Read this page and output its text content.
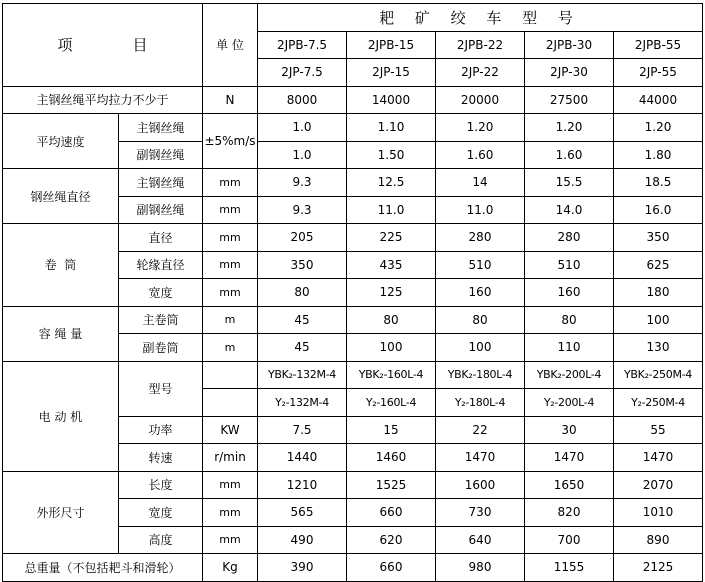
项 目		单 位	耙 矿 绞 车 型 号				
			2JPB-7.5	2JPB-15	2JPB-22	2JPB-30	2JPB-55
			2JP-7.5	2JP-15	2JP-22	2JP-30	2JP-55
主钢丝绳平均拉力不少于		N	8000	14000	20000	27500	44000
平均速度	主钢丝绳	±5%m/s	1.0	1.10	1.20	1.20	1.20
	副钢丝绳		1.0	1.50	1.60	1.60	1.80
钢丝绳直径	主钢丝绳	mm	9.3	12.5	14	15.5	18.5
	副钢丝绳	mm	9.3	11.0	11.0	14.0	16.0
卷  筒	直径	mm	205	225	280	280	350
	轮缘直径	mm	350	435	510	510	625
	宽度	mm	80	125	160	160	180
容 绳 量	主卷筒	m	45	80	80	80	100
	副卷筒	m	45	100	100	110	130
电 动 机	型号		YBK₂-132M-4	YBK₂-160L-4	YBK₂-180L-4	YBK₂-200L-4	YBK₂-250M-4
			Y₂-132M-4	Y₂-160L-4	Y₂-180L-4	Y₂-200L-4	Y₂-250M-4
	功率	KW	7.5	15	22	30	55
	转速	r/min	1440	1460	1470	1470	1470
外形尺寸	长度	mm	1210	1525	1600	1650	2070
	宽度	mm	565	660	730	820	1010
	高度	mm	490	620	640	700	890
总重量（不包括耙斗和滑轮）		Kg	390	660	980	1155	2125
